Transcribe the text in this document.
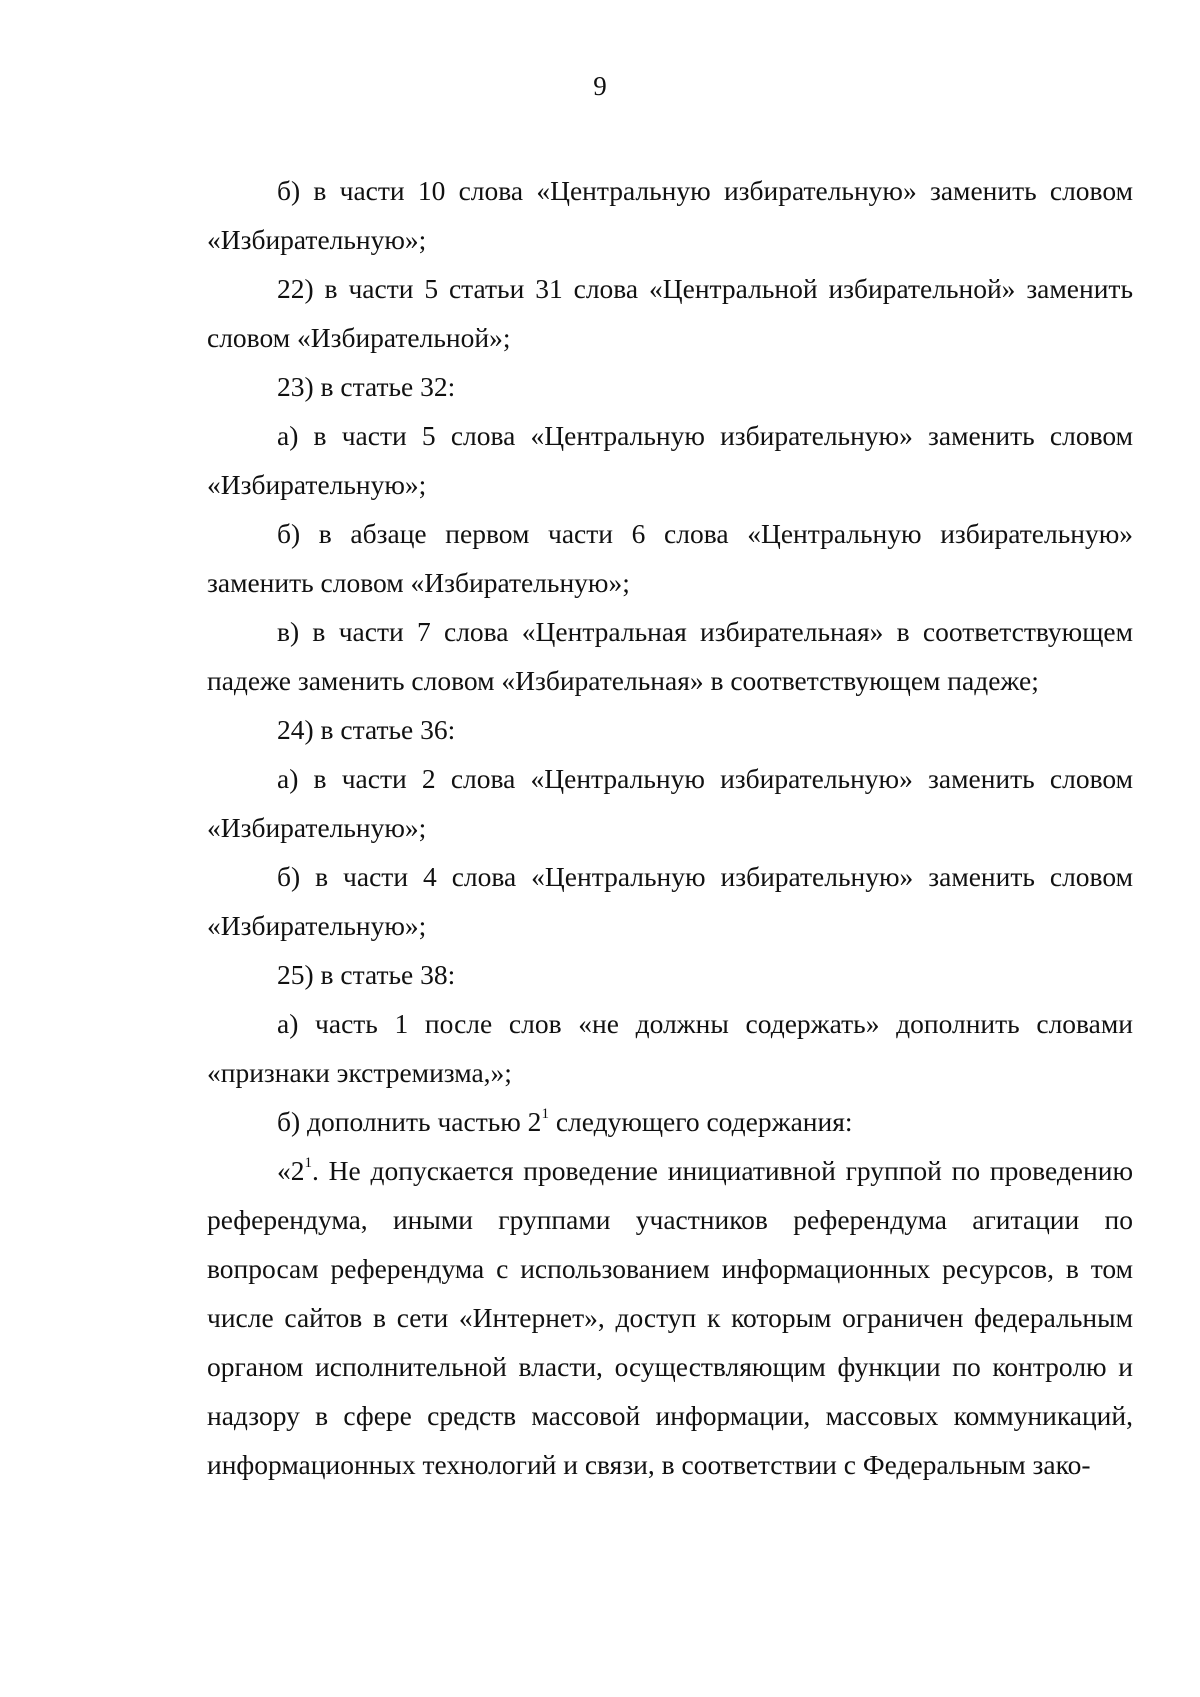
9

б) в части 10 слова «Центральную избирательную» заменить словом «Избирательную»;

22) в части 5 статьи 31 слова «Центральной избирательной» заменить словом «Избирательной»;

23) в статье 32:

а) в части 5 слова «Центральную избирательную» заменить словом «Избирательную»;

б) в абзаце первом части 6 слова «Центральную избирательную» заменить словом «Избирательную»;

в) в части 7 слова «Центральная избирательная» в соответствующем падеже заменить словом «Избирательная» в соответствующем падеже;

24) в статье 36:

а) в части 2 слова «Центральную избирательную» заменить словом «Избирательную»;

б) в части 4 слова «Центральную избирательную» заменить словом «Избирательную»;

25) в статье 38:

а) часть 1 после слов «не должны содержать» дополнить словами «признаки экстремизма,»;

б) дополнить частью $2^1$ следующего содержания:

«$2^1$. Не допускается проведение инициативной группой по проведению референдума, иными группами участников референдума агитации по вопросам референдума с использованием информационных ресурсов, в том числе сайтов в сети «Интернет», доступ к которым ограничен федеральным органом исполнительной власти, осуществляющим функции по контролю и надзору в сфере средств массовой информации, массовых коммуникаций, информационных технологий и связи, в соответствии с Федеральным зако-
